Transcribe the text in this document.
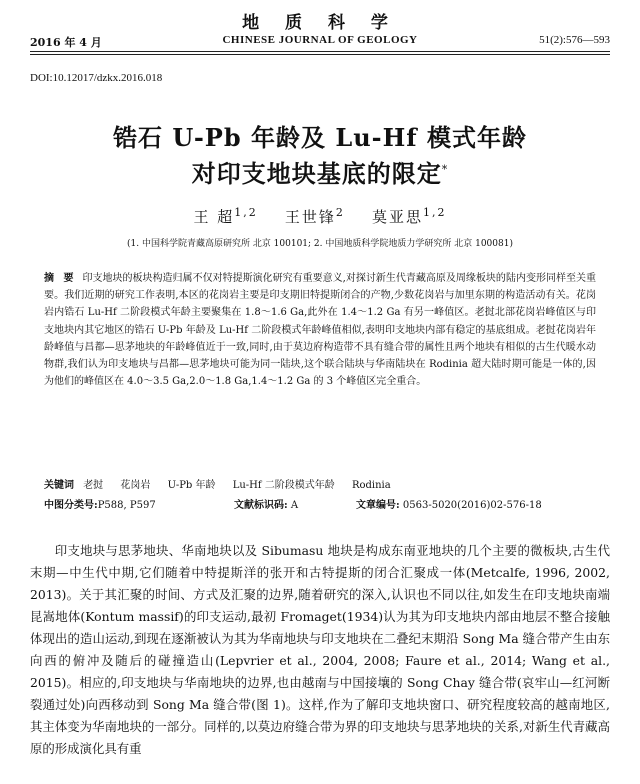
地 质 科 学
2016 年 4 月	CHINESE JOURNAL OF GEOLOGY	51(2):576—593
DOI:10.12017/dzkx.2016.018
锆石 U-Pb 年龄及 Lu-Hf 模式年龄
对印支地块基底的限定*
王 超$^{1,2}$ 王世锋$^2$ 莫亚思$^{1,2}$
(1. 中国科学院青藏高原研究所 北京 100101; 2. 中国地质科学院地质力学研究所 北京 100081)
摘 要 印支地块的板块构造归属不仅对特提斯演化研究有重要意义,对探讨新生代青藏高原及周缘板块的陆内变形同样至关重要。我们近期的研究工作表明,本区的花岗岩主要是印支期旧特提斯闭合的产物,少数花岗岩与加里东期的构造活动有关。花岗岩内锆石 Lu-Hf 二阶段模式年龄主要聚集在 1.8～1.6 Ga,此外在 1.4～1.2 Ga 有另一峰值区。老挝北部花岗岩峰值区与印支地块内其它地区的锆石 U-Pb 年龄及 Lu-Hf 二阶段模式年龄峰值相似,表明印支地块内部有稳定的基底组成。老挝花岗岩年龄峰值与昌都—思茅地块的年龄峰值近于一致,同时,由于莫边府构造带不具有缝合带的属性且两个地块有相似的古生代暖水动物群,我们认为印支地块与昌都—思茅地块可能为同一陆块,这个联合陆块与华南陆块在 Rodinia 超大陆时期可能是一体的,因为他们的峰值区在 4.0～3.5 Ga,2.0～1.8 Ga,1.4～1.2 Ga 的 3 个峰值区完全重合。
关键词 老挝 花岗岩 U-Pb 年龄 Lu-Hf 二阶段模式年龄 Rodinia
中图分类号:P588, P597	文献标识码: A	文章编号: 0563-5020(2016)02-576-18
印支地块与思茅地块、华南地块以及 Sibumasu 地块是构成东南亚地块的几个主要的微板块,古生代末期—中生代中期,它们随着中特提斯洋的张开和古特提斯的闭合汇聚成一体(Metcalfe, 1996, 2002, 2013)。关于其汇聚的时间、方式及汇聚的边界,随着研究的深入,认识也不同以往,如发生在印支地块南端昆嵩地体(Kontum massif)的印支运动,最初 Fromaget(1934)认为其为印支地块内部由地层不整合接触体现出的造山运动,到现在逐渐被认为其为华南地块与印支地块在二叠纪末期沿 Song Ma 缝合带产生由东向西的俯冲及随后的碰撞造山(Lepvrier et al., 2004, 2008; Faure et al., 2014; Wang et al., 2015)。相应的,印支地块与华南地块的边界,也由越南与中国接壤的 Song Chay 缝合带(哀牢山—红河断裂通过处)向西移动到 Song Ma 缝合带(图 1)。这样,作为了解印支地块窗口、研究程度较高的越南地区,其主体变为华南地块的一部分。同样的,以莫边府缝合带为界的印支地块与思茅地块的关系,对新生代青藏高原的形成演化具有重
